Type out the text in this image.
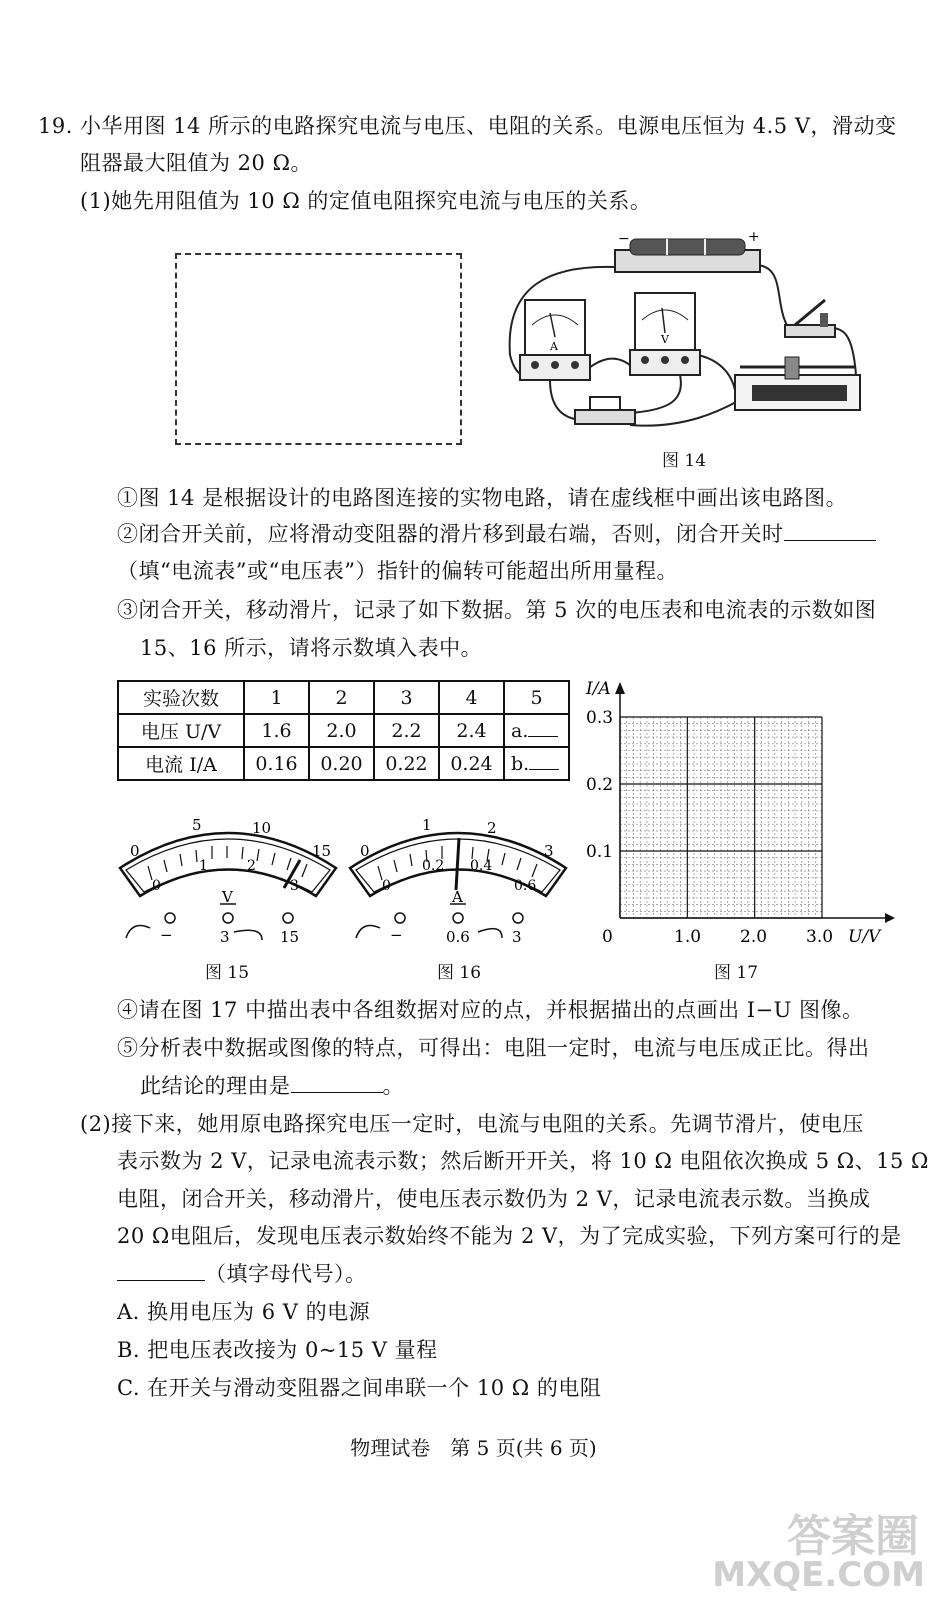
19. 小华用图 14 所示的电路探究电流与电压、电阻的关系。电源电压恒为 4.5 V，滑动变
阻器最大阻值为 20 Ω。
(1)她先用阻值为 10 Ω 的定值电阻探究电流与电压的关系。
−	+
A
V
图 14
①图 14 是根据设计的电路图连接的实物电路，请在虚线框中画出该电路图。
②闭合开关前，应将滑动变阻器的滑片移到最右端，否则，闭合开关时
（填“电流表”或“电压表”）指针的偏转可能超出所用量程。
③闭合开关，移动滑片，记录了如下数据。第 5 次的电压表和电流表的示数如图
15、16 所示，请将示数填入表中。
实验次数	1	2	3	4	5
电压 U/V	1.6	2.0	2.2	2.4	a.
电流 I/A	0.16	0.20	0.22	0.24	b.
5	10
0	15
0
1	2
3
V
−	3	15
图 15
1	2
0	3
0
0.2 0.4
0.6
A
−	0.6	3
图 16
I/A
0.3
0.2
0.1
0	1.0 2.0 3.0 U/V
图 17
④请在图 17 中描出表中各组数据对应的点，并根据描出的点画出 I−U 图像。
⑤分析表中数据或图像的特点，可得出：电阻一定时，电流与电压成正比。得出
此结论的理由是	。
(2)接下来，她用原电路探究电压一定时，电流与电阻的关系。先调节滑片，使电压
表示数为 2 V，记录电流表示数；然后断开开关，将 10 Ω 电阻依次换成 5 Ω、15 Ω
电阻，闭合开关，移动滑片，使电压表示数仍为 2 V，记录电流表示数。当换成
20 Ω电阻后，发现电压表示数始终不能为 2 V，为了完成实验，下列方案可行的是
（填字母代号）。
A. 换用电压为 6 V 的电源
B. 把电压表改接为 0~15 V 量程
C. 在开关与滑动变阻器之间串联一个 10 Ω 的电阻
物理试卷　第 5 页(共 6 页)
答案圈
MXQE.COM
